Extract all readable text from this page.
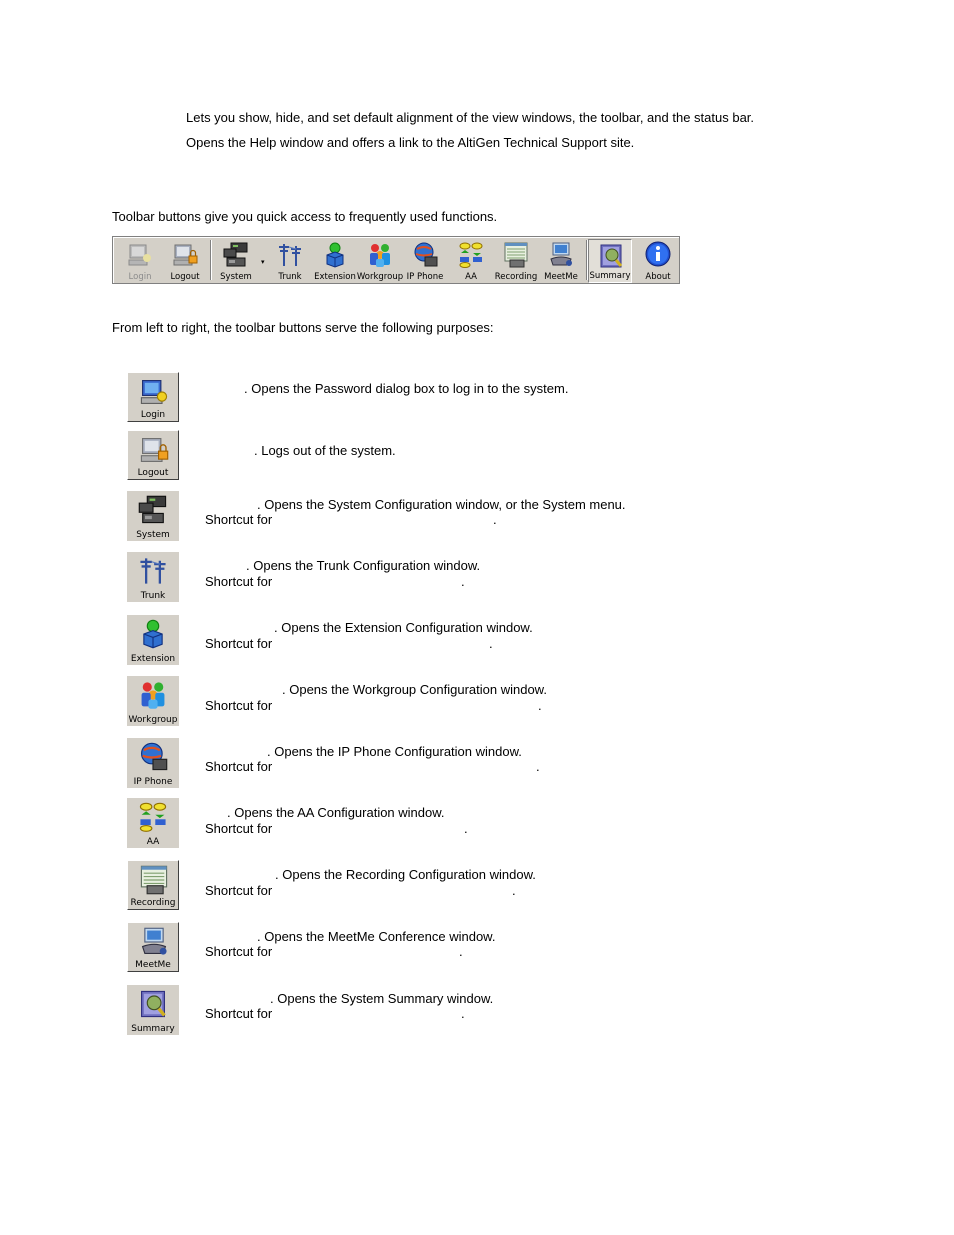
Lets you show, hide, and set default alignment of the view windows, the toolbar, and the status bar.
Opens the Help window and offers a link to the AltiGen Technical Support site.
Toolbar buttons give you quick access to frequently used functions.
Login	Logout	System
▾
Trunk	Extension Workgroup IP Phone	AA	Recording MeetMe	Summary	About
From left to right, the toolbar buttons serve the following purposes:
Login
. Opens the Password dialog box to log in to the system.
Logout
. Logs out of the system.
System
. Opens the System Configuration window, or the System menu.
Shortcut for	.
Trunk
. Opens the Trunk Configuration window.
Shortcut for	.
Extension
. Opens the Extension Configuration window.
Shortcut for	.
Workgroup
. Opens the Workgroup Configuration window.
Shortcut for	.
IP Phone
. Opens the IP Phone Configuration window.
Shortcut for	.
AA
. Opens the AA Configuration window.
Shortcut for	.
Recording
. Opens the Recording Configuration window.
Shortcut for	.
MeetMe
. Opens the MeetMe Conference window.
Shortcut for	.
Summary
. Opens the System Summary window.
Shortcut for	.
